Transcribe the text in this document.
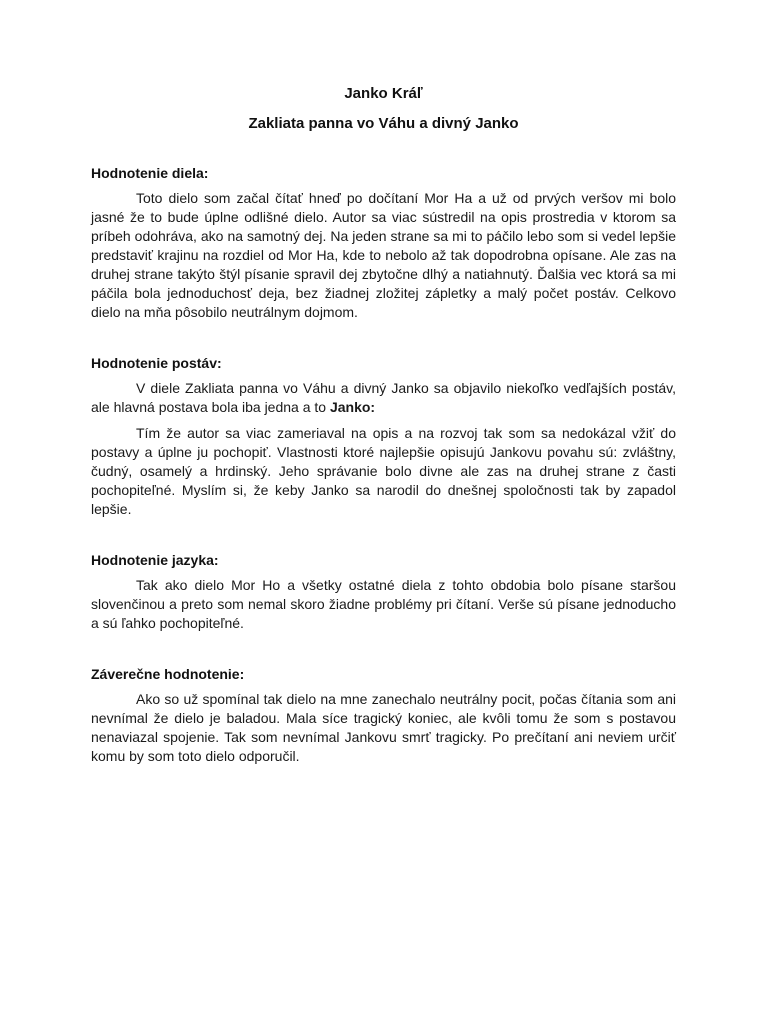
Janko Kráľ
Zakliata panna vo Váhu a divný Janko
Hodnotenie diela:

Toto dielo som začal čítať hneď po dočítaní Mor Ha a už od prvých veršov mi bolo jasné že to bude úplne odlišné dielo. Autor sa viac sústredil na opis prostredia v ktorom sa príbeh odohráva, ako na samotný dej. Na jeden strane sa mi to páčilo lebo som si vedel lepšie predstaviť krajinu na rozdiel od Mor Ha, kde to nebolo až tak dopodrobna opísane. Ale zas na druhej strane takýto štýl písanie spravil dej zbytočne dlhý a natiahnutý. Ďalšia vec ktorá sa mi páčila bola jednoduchosť deja, bez žiadnej zložitej zápletky a malý počet postáv. Celkovo dielo na mňa pôsobilo neutrálnym dojmom.

Hodnotenie postáv:

V diele Zakliata panna vo Váhu a divný Janko sa objavilo niekoľko vedľajších postáv, ale hlavná postava bola iba jedna a to Janko:

Tím že autor sa viac zameriaval na opis a na rozvoj tak som sa nedokázal vžiť do postavy a úplne ju pochopiť. Vlastnosti ktoré najlepšie opisujú Jankovu povahu sú: zvláštny, čudný, osamelý a hrdinský. Jeho správanie bolo divne ale zas na druhej strane z časti pochopiteľné. Myslím si, že keby Janko sa narodil do dnešnej spoločnosti tak by zapadol lepšie.

Hodnotenie jazyka:

Tak ako dielo Mor Ho a všetky ostatné diela z tohto obdobia bolo písane staršou slovenčinou a preto som nemal skoro žiadne problémy pri čítaní. Verše sú písane jednoducho a sú ľahko pochopiteľné.

Záverečne hodnotenie:

Ako so už spomínal tak dielo na mne zanechalo neutrálny pocit, počas čítania som ani nevnímal že dielo je baladou. Mala síce tragický koniec, ale kvôli tomu že som s postavou nenaviazal spojenie. Tak som nevnímal Jankovu smrť tragicky. Po prečítaní ani neviem určiť komu by som toto dielo odporučil.
